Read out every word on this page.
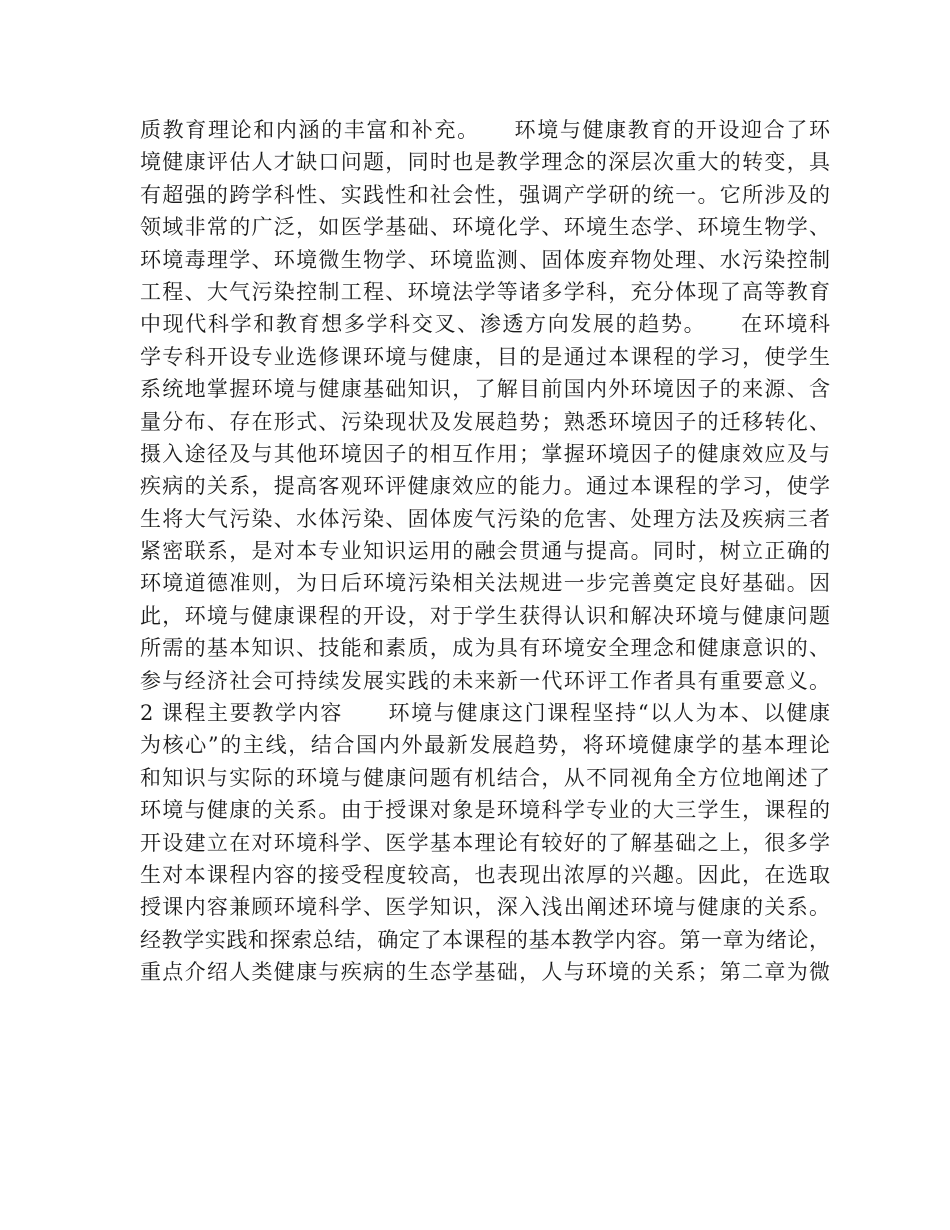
质教育理论和内涵的丰富和补充。　　环境与健康教育的开设迎合了环
境健康评估人才缺口问题，同时也是教学理念的深层次重大的转变，具
有超强的跨学科性、实践性和社会性，强调产学研的统一。它所涉及的
领域非常的广泛，如医学基础、环境化学、环境生态学、环境生物学、
环境毒理学、环境微生物学、环境监测、固体废弃物处理、水污染控制
工程、大气污染控制工程、环境法学等诸多学科，充分体现了高等教育
中现代科学和教育想多学科交叉、渗透方向发展的趋势。　　在环境科
学专科开设专业选修课环境与健康，目的是通过本课程的学习，使学生
系统地掌握环境与健康基础知识，了解目前国内外环境因子的来源、含
量分布、存在形式、污染现状及发展趋势；熟悉环境因子的迁移转化、
摄入途径及与其他环境因子的相互作用；掌握环境因子的健康效应及与
疾病的关系，提高客观环评健康效应的能力。通过本课程的学习，使学
生将大气污染、水体污染、固体废气污染的危害、处理方法及疾病三者
紧密联系，是对本专业知识运用的融会贯通与提高。同时，树立正确的
环境道德准则，为日后环境污染相关法规进一步完善奠定良好基础。因
此，环境与健康课程的开设，对于学生获得认识和解决环境与健康问题
所需的基本知识、技能和素质，成为具有环境安全理念和健康意识的、
参与经济社会可持续发展实践的未来新一代环评工作者具有重要意义。
2 课程主要教学内容　　环境与健康这门课程坚持“以人为本、以健康
为核心”的主线，结合国内外最新发展趋势，将环境健康学的基本理论
和知识与实际的环境与健康问题有机结合，从不同视角全方位地阐述了
环境与健康的关系。由于授课对象是环境科学专业的大三学生，课程的
开设建立在对环境科学、医学基本理论有较好的了解基础之上，很多学
生对本课程内容的接受程度较高，也表现出浓厚的兴趣。因此，在选取
授课内容兼顾环境科学、医学知识，深入浅出阐述环境与健康的关系。
经教学实践和探索总结，确定了本课程的基本教学内容。第一章为绪论，
重点介绍人类健康与疾病的生态学基础，人与环境的关系；第二章为微
